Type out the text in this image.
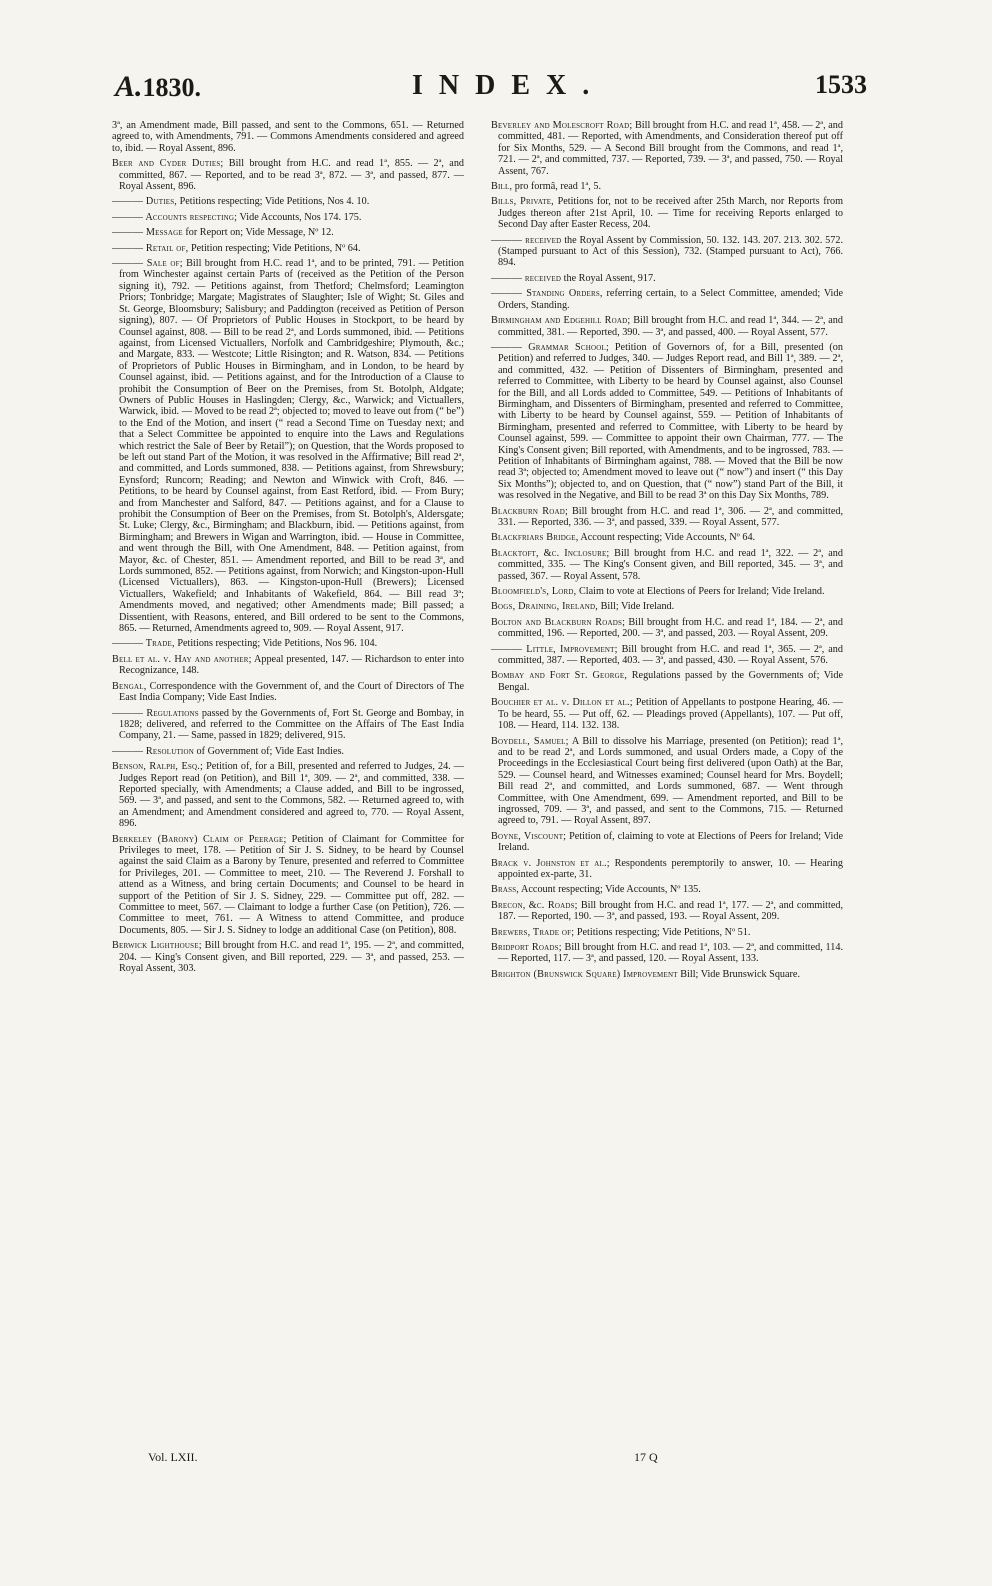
A.1830.	INDEX.	1533

3ª, an Amendment made, Bill passed, and sent to the Commons, 651. — Returned agreed to, with Amendments, 791. — Commons Amendments considered and agreed to, ibid. — Royal Assent, 896.

Beer and Cyder Duties; Bill brought from H.C. and read 1ª, 855. — 2ª, and committed, 867. — Reported, and to be read 3ª, 872. — 3ª, and passed, 877. — Royal Assent, 896.

——— Duties, Petitions respecting; Vide Petitions, Nos 4. 10.

——— Accounts respecting; Vide Accounts, Nos 174. 175.

——— Message for Report on; Vide Message, Nº 12.

——— Retail of, Petition respecting; Vide Petitions, Nº 64.

——— Sale of; Bill brought from H.C. read 1ª, and to be printed, 791. — Petition from Winchester against certain Parts of (received as the Petition of the Person signing it), 792. — Petitions against, from Thetford; Chelmsford; Leamington Priors; Tonbridge; Margate; Magistrates of Slaughter; Isle of Wight; St. Giles and St. George, Bloomsbury; Salisbury; and Paddington (received as Petition of Person signing), 807. — Of Proprietors of Public Houses in Stockport, to be heard by Counsel against, 808. — Bill to be read 2ª, and Lords summoned, ibid. — Petitions against, from Licensed Victuallers, Norfolk and Cambridgeshire; Plymouth, &c.; and Margate, 833. — Westcote; Little Risington; and R. Watson, 834. — Petitions of Proprietors of Public Houses in Birmingham, and in London, to be heard by Counsel against, ibid. — Petitions against, and for the Introduction of a Clause to prohibit the Consumption of Beer on the Premises, from St. Botolph, Aldgate; Owners of Public Houses in Haslingden; Clergy, &c., Warwick; and Victuallers, Warwick, ibid. — Moved to be read 2ª; objected to; moved to leave out from (“ be”) to the End of the Motion, and insert (“ read a Second Time on Tuesday next; and that a Select Committee be appointed to enquire into the Laws and Regulations which restrict the Sale of Beer by Retail”); on Question, that the Words proposed to be left out stand Part of the Motion, it was resolved in the Affirmative; Bill read 2ª, and committed, and Lords summoned, 838. — Petitions against, from Shrewsbury; Eynsford; Runcorn; Reading; and Newton and Winwick with Croft, 846. — Petitions, to be heard by Counsel against, from East Retford, ibid. — From Bury; and from Manchester and Salford, 847. — Petitions against, and for a Clause to prohibit the Consumption of Beer on the Premises, from St. Botolph's, Aldersgate; St. Luke; Clergy, &c., Birmingham; and Blackburn, ibid. — Petitions against, from Birmingham; and Brewers in Wigan and Warrington, ibid. — House in Committee, and went through the Bill, with One Amendment, 848. — Petition against, from Mayor, &c. of Chester, 851. — Amendment reported, and Bill to be read 3ª, and Lords summoned, 852. — Petitions against, from Norwich; and Kingston-upon-Hull (Licensed Victuallers), 863. — Kingston-upon-Hull (Brewers); Licensed Victuallers, Wakefield; and Inhabitants of Wakefield, 864. — Bill read 3ª; Amendments moved, and negatived; other Amendments made; Bill passed; a Dissentient, with Reasons, entered, and Bill ordered to be sent to the Commons, 865. — Returned, Amendments agreed to, 909. — Royal Assent, 917.

——— Trade, Petitions respecting; Vide Petitions, Nos 96. 104.

Bell et al. v. Hay and another; Appeal presented, 147. — Richardson to enter into Recognizance, 148.

Bengal, Correspondence with the Government of, and the Court of Directors of The East India Company; Vide East Indies.

——— Regulations passed by the Governments of, Fort St. George and Bombay, in 1828; delivered, and referred to the Committee on the Affairs of The East India Company, 21. — Same, passed in 1829; delivered, 915.

——— Resolution of Government of; Vide East Indies.

Benson, Ralph, Esq.; Petition of, for a Bill, presented and referred to Judges, 24. — Judges Report read (on Petition), and Bill 1ª, 309. — 2ª, and committed, 338. — Reported specially, with Amendments; a Clause added, and Bill to be ingrossed, 569. — 3ª, and passed, and sent to the Commons, 582. — Returned agreed to, with an Amendment; and Amendment considered and agreed to, 770. — Royal Assent, 896.

Berkeley (Barony) Claim of Peerage; Petition of Claimant for Committee for Privileges to meet, 178. — Petition of Sir J. S. Sidney, to be heard by Counsel against the said Claim as a Barony by Tenure, presented and referred to Committee for Privileges, 201. — Committee to meet, 210. — The Reverend J. Forshall to attend as a Witness, and bring certain Documents; and Counsel to be heard in support of the Petition of Sir J. S. Sidney, 229. — Committee put off, 282. — Committee to meet, 567. — Claimant to lodge a further Case (on Petition), 726. — Committee to meet, 761. — A Witness to attend Committee, and produce Documents, 805. — Sir J. S. Sidney to lodge an additional Case (on Petition), 808.

Berwick Lighthouse; Bill brought from H.C. and read 1ª, 195. — 2ª, and committed, 204. — King's Consent given, and Bill reported, 229. — 3ª, and passed, 253. — Royal Assent, 303.

Beverley and Molescroft Road; Bill brought from H.C. and read 1ª, 458. — 2ª, and committed, 481. — Reported, with Amendments, and Consideration thereof put off for Six Months, 529. — A Second Bill brought from the Commons, and read 1ª, 721. — 2ª, and committed, 737. — Reported, 739. — 3ª, and passed, 750. — Royal Assent, 767.

Bill, pro formâ, read 1ª, 5.

Bills, Private, Petitions for, not to be received after 25th March, nor Reports from Judges thereon after 21st April, 10. — Time for receiving Reports enlarged to Second Day after Easter Recess, 204.

——— received the Royal Assent by Commission, 50. 132. 143. 207. 213. 302. 572. (Stamped pursuant to Act of this Session), 732. (Stamped pursuant to Act), 766. 894.

——— received the Royal Assent, 917.

——— Standing Orders, referring certain, to a Select Committee, amended; Vide Orders, Standing.

Birmingham and Edgehill Road; Bill brought from H.C. and read 1ª, 344. — 2ª, and committed, 381. — Reported, 390. — 3ª, and passed, 400. — Royal Assent, 577.

——— Grammar School; Petition of Governors of, for a Bill, presented (on Petition) and referred to Judges, 340. — Judges Report read, and Bill 1ª, 389. — 2ª, and committed, 432. — Petition of Dissenters of Birmingham, presented and referred to Committee, with Liberty to be heard by Counsel against, also Counsel for the Bill, and all Lords added to Committee, 549. — Petitions of Inhabitants of Birmingham, and Dissenters of Birmingham, presented and referred to Committee, with Liberty to be heard by Counsel against, 559. — Petition of Inhabitants of Birmingham, presented and referred to Committee, with Liberty to be heard by Counsel against, 599. — Committee to appoint their own Chairman, 777. — The King's Consent given; Bill reported, with Amendments, and to be ingrossed, 783. — Petition of Inhabitants of Birmingham against, 788. — Moved that the Bill be now read 3ª; objected to; Amendment moved to leave out (“ now”) and insert (“ this Day Six Months”); objected to, and on Question, that (“ now”) stand Part of the Bill, it was resolved in the Negative, and Bill to be read 3ª on this Day Six Months, 789.

Blackburn Road; Bill brought from H.C. and read 1ª, 306. — 2ª, and committed, 331. — Reported, 336. — 3ª, and passed, 339. — Royal Assent, 577.

Blackfriars Bridge, Account respecting; Vide Accounts, Nº 64.

Blacktoft, &c. Inclosure; Bill brought from H.C. and read 1ª, 322. — 2ª, and committed, 335. — The King's Consent given, and Bill reported, 345. — 3ª, and passed, 367. — Royal Assent, 578.

Bloomfield's, Lord, Claim to vote at Elections of Peers for Ireland; Vide Ireland.

Bogs, Draining, Ireland, Bill; Vide Ireland.

Bolton and Blackburn Roads; Bill brought from H.C. and read 1ª, 184. — 2ª, and committed, 196. — Reported, 200. — 3ª, and passed, 203. — Royal Assent, 209.

——— Little, Improvement; Bill brought from H.C. and read 1ª, 365. — 2ª, and committed, 387. — Reported, 403. — 3ª, and passed, 430. — Royal Assent, 576.

Bombay and Fort St. George, Regulations passed by the Governments of; Vide Bengal.

Bouchier et al. v. Dillon et al.; Petition of Appellants to postpone Hearing, 46. — To be heard, 55. — Put off, 62. — Pleadings proved (Appellants), 107. — Put off, 108. — Heard, 114. 132. 138.

Boydell, Samuel; A Bill to dissolve his Marriage, presented (on Petition); read 1ª, and to be read 2ª, and Lords summoned, and usual Orders made, a Copy of the Proceedings in the Ecclesiastical Court being first delivered (upon Oath) at the Bar, 529. — Counsel heard, and Witnesses examined; Counsel heard for Mrs. Boydell; Bill read 2ª, and committed, and Lords summoned, 687. — Went through Committee, with One Amendment, 699. — Amendment reported, and Bill to be ingrossed, 709. — 3ª, and passed, and sent to the Commons, 715. — Returned agreed to, 791. — Royal Assent, 897.

Boyne, Viscount; Petition of, claiming to vote at Elections of Peers for Ireland; Vide Ireland.

Brack v. Johnston et al.; Respondents peremptorily to answer, 10. — Hearing appointed ex-parte, 31.

Brass, Account respecting; Vide Accounts, Nº 135.

Brecon, &c. Roads; Bill brought from H.C. and read 1ª, 177. — 2ª, and committed, 187. — Reported, 190. — 3ª, and passed, 193. — Royal Assent, 209.

Brewers, Trade of; Petitions respecting; Vide Petitions, Nº 51.

Bridport Roads; Bill brought from H.C. and read 1ª, 103. — 2ª, and committed, 114. — Reported, 117. — 3ª, and passed, 120. — Royal Assent, 133.

Brighton (Brunswick Square) Improvement Bill; Vide Brunswick Square.

Vol. LXII.	17 Q
